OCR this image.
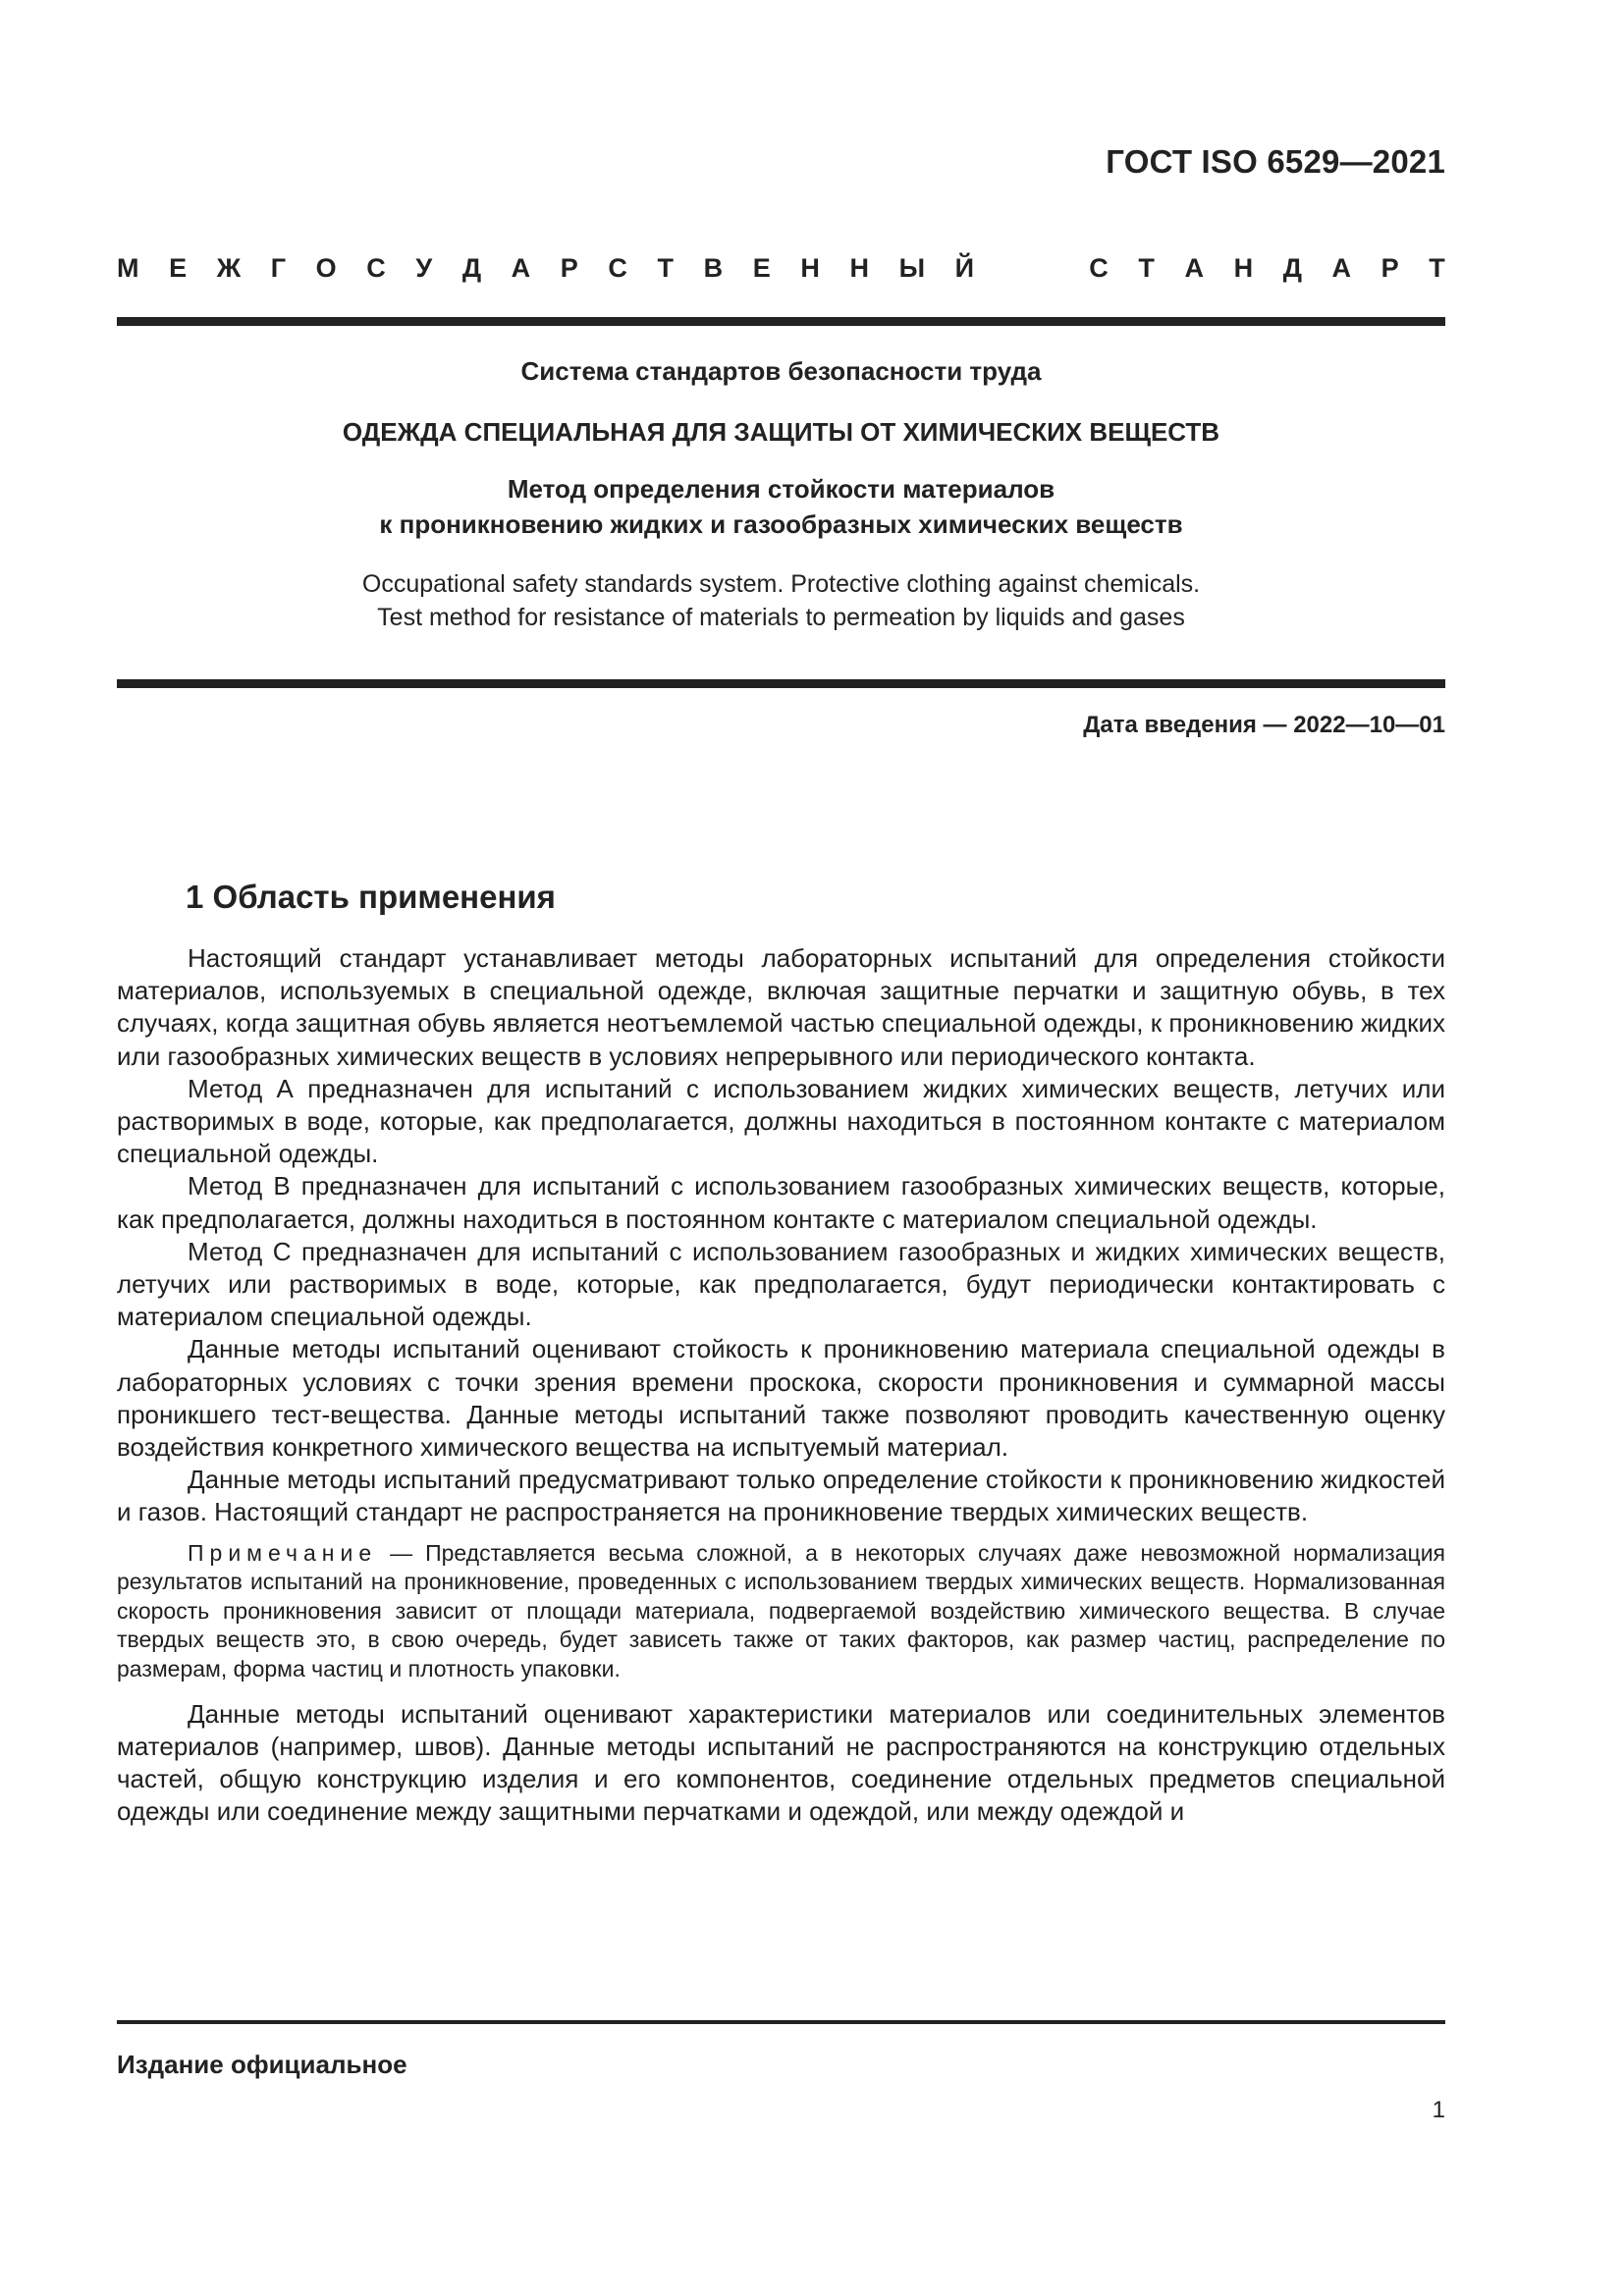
ГОСТ ISO 6529—2021
М Е Ж Г О С У Д А Р С Т В Е Н Н Ы Й	С Т А Н Д А Р Т
Система стандартов безопасности труда
ОДЕЖДА СПЕЦИАЛЬНАЯ ДЛЯ ЗАЩИТЫ ОТ ХИМИЧЕСКИХ ВЕЩЕСТВ
Метод определения стойкости материалов
к проникновению жидких и газообразных химических веществ
Occupational safety standards system. Protective clothing against chemicals.
Test method for resistance of materials to permeation by liquids and gases
Дата введения — 2022—10—01
1 Область применения

Настоящий стандарт устанавливает методы лабораторных испытаний для определения стойкости материалов, используемых в специальной одежде, включая защитные перчатки и защитную обувь, в тех случаях, когда защитная обувь является неотъемлемой частью специальной одежды, к проникновению жидких или газообразных химических веществ в условиях непрерывного или периодического контакта.

Метод А предназначен для испытаний с использованием жидких химических веществ, летучих или растворимых в воде, которые, как предполагается, должны находиться в постоянном контакте с материалом специальной одежды.

Метод В предназначен для испытаний с использованием газообразных химических веществ, которые, как предполагается, должны находиться в постоянном контакте с материалом специальной одежды.

Метод С предназначен для испытаний с использованием газообразных и жидких химических веществ, летучих или растворимых в воде, которые, как предполагается, будут периодически контактировать с материалом специальной одежды.

Данные методы испытаний оценивают стойкость к проникновению материала специальной одежды в лабораторных условиях с точки зрения времени проскока, скорости проникновения и суммарной массы проникшего тест-вещества. Данные методы испытаний также позволяют проводить качественную оценку воздействия конкретного химического вещества на испытуемый материал.

Данные методы испытаний предусматривают только определение стойкости к проникновению жидкостей и газов. Настоящий стандарт не распространяется на проникновение твердых химических веществ.

Примечание — Представляется весьма сложной, а в некоторых случаях даже невозможной нормализация результатов испытаний на проникновение, проведенных с использованием твердых химических веществ. Нормализованная скорость проникновения зависит от площади материала, подвергаемой воздействию химического вещества. В случае твердых веществ это, в свою очередь, будет зависеть также от таких факторов, как размер частиц, распределение по размерам, форма частиц и плотность упаковки.

Данные методы испытаний оценивают характеристики материалов или соединительных элементов материалов (например, швов). Данные методы испытаний не распространяются на конструкцию отдельных частей, общую конструкцию изделия и его компонентов, соединение отдельных предметов специальной одежды или соединение между защитными перчатками и одеждой, или между одеждой и

Издание официальное
1
